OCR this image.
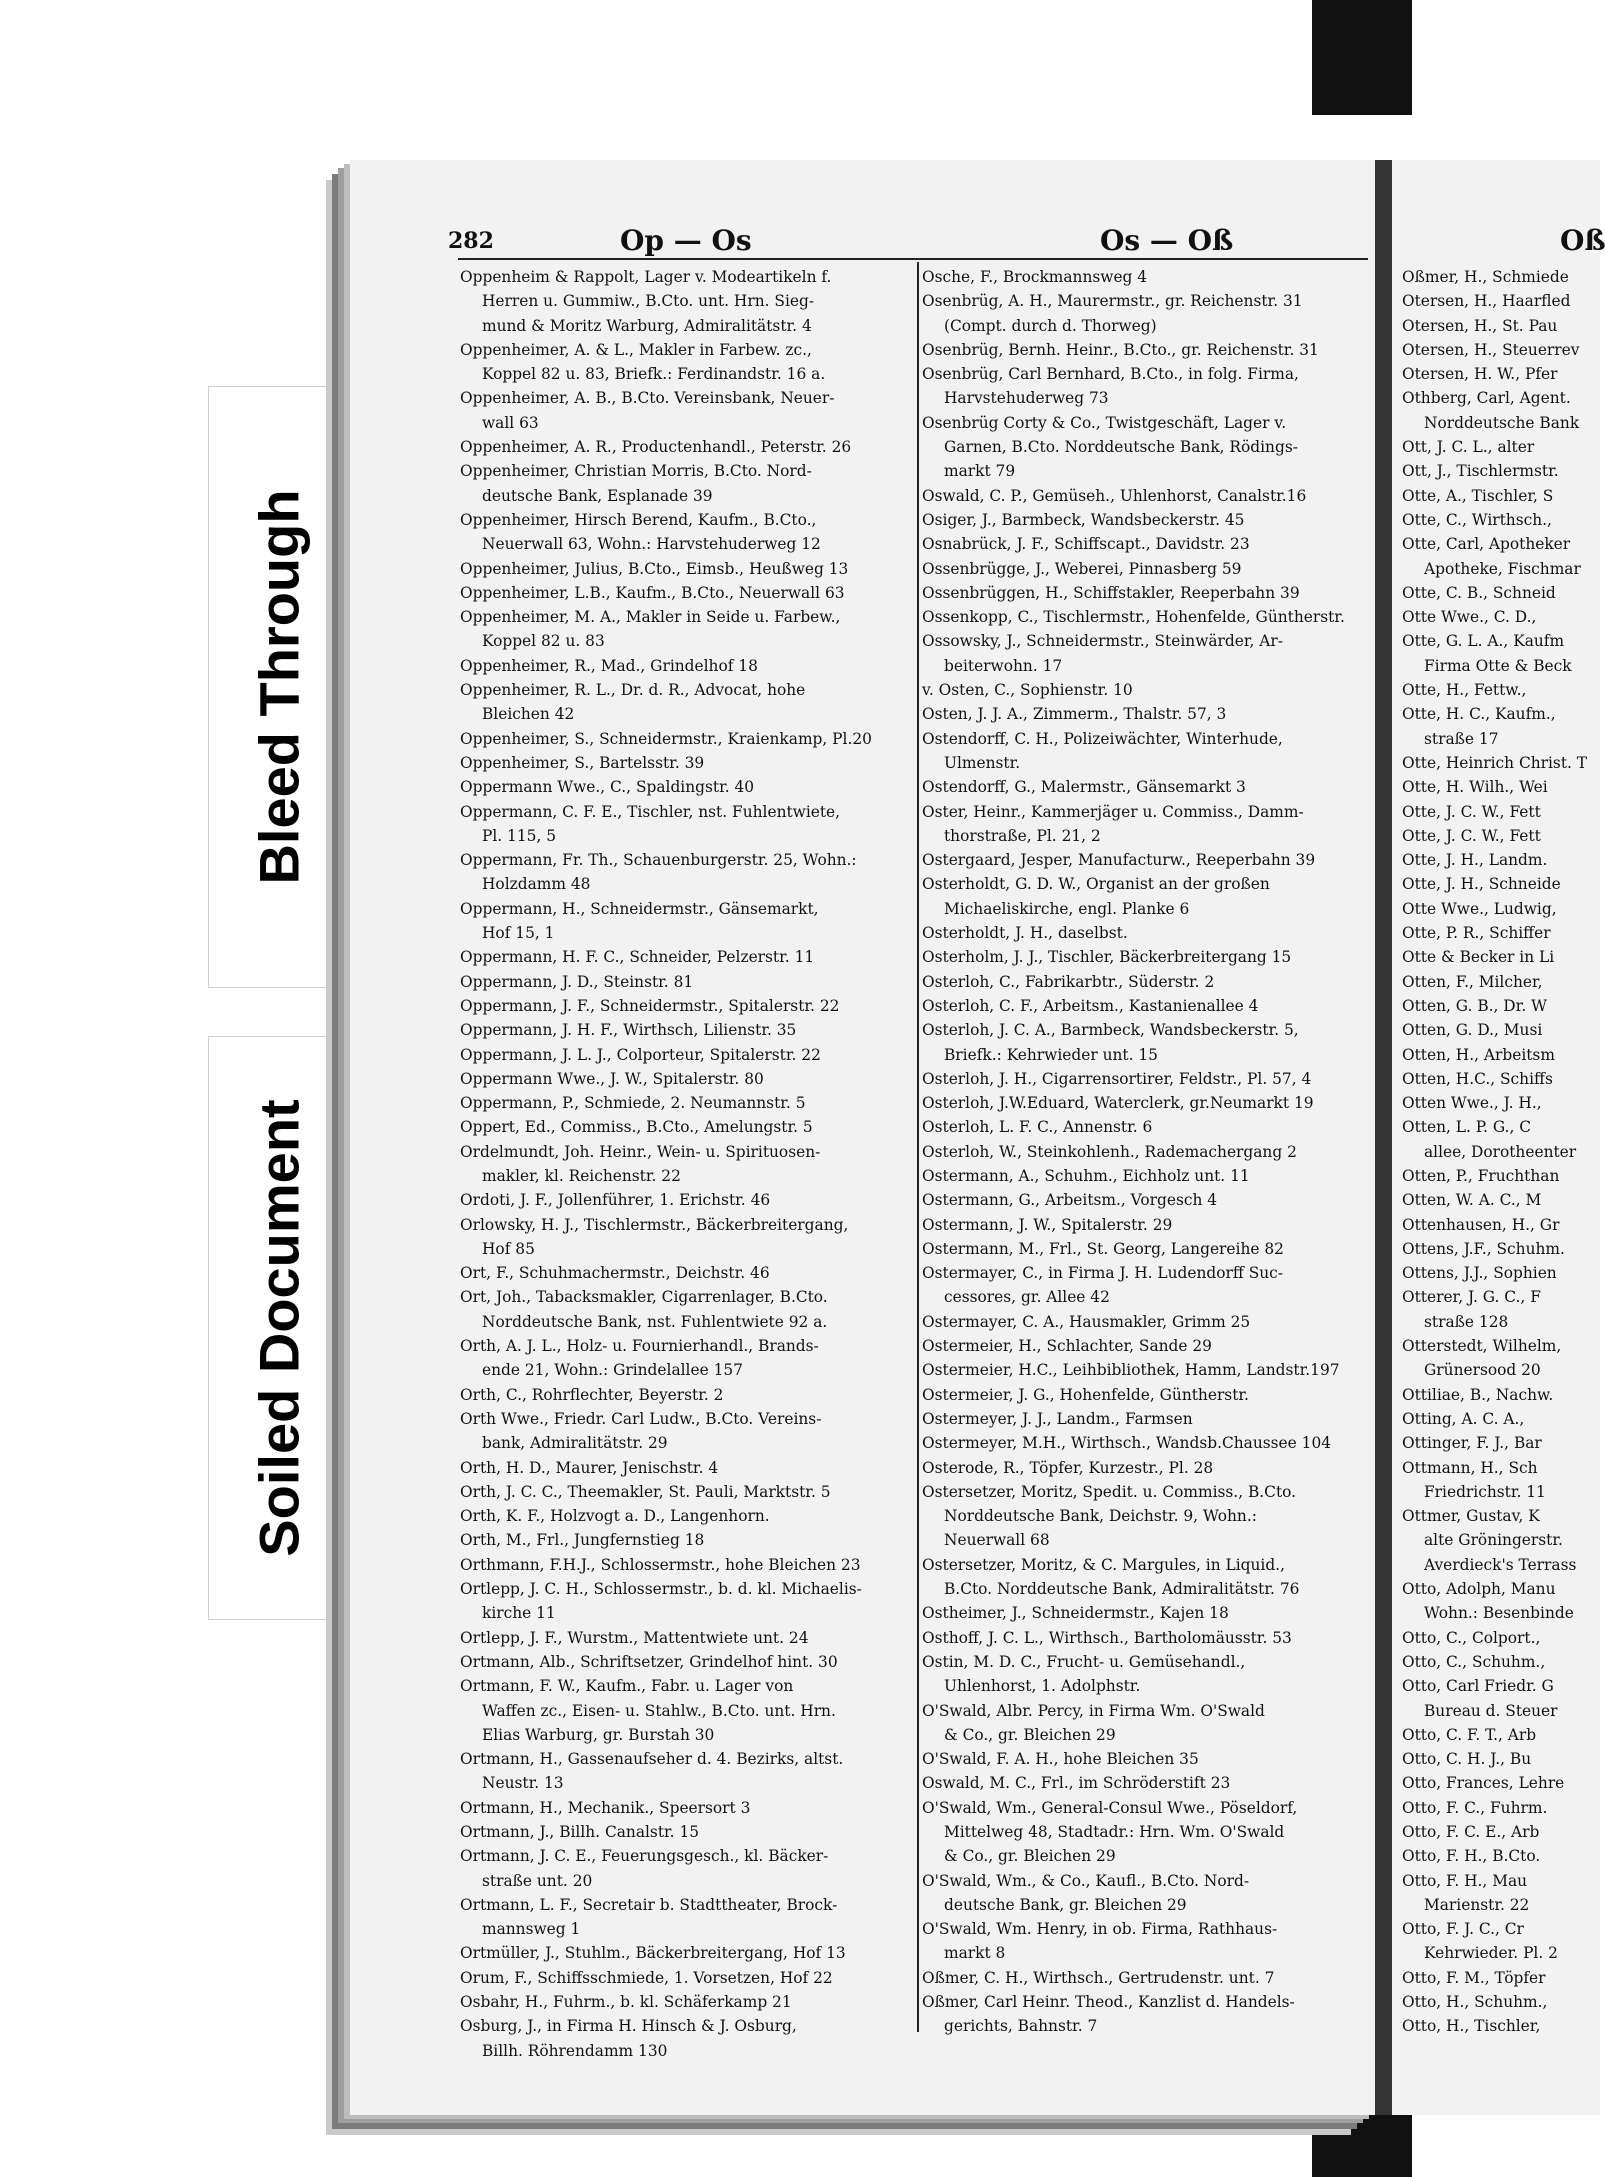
Bleed Through
Soiled Document
282	Op — Os	Os — Oß	Oß
Oppenheim & Rappolt, Lager v. Modeartikeln f.
Herren u. Gummiw., B.Cto. unt. Hrn. Sieg-
mund & Moritz Warburg, Admiralitätstr. 4
Oppenheimer, A. & L., Makler in Farbew. zc.,
Koppel 82 u. 83, Briefk.: Ferdinandstr. 16 a.
Oppenheimer, A. B., B.Cto. Vereinsbank, Neuer-
wall 63
Oppenheimer, A. R., Productenhandl., Peterstr. 26
Oppenheimer, Christian Morris, B.Cto. Nord-
deutsche Bank, Esplanade 39
Oppenheimer, Hirsch Berend, Kaufm., B.Cto.,
Neuerwall 63, Wohn.: Harvstehuderweg 12
Oppenheimer, Julius, B.Cto., Eimsb., Heußweg 13
Oppenheimer, L.B., Kaufm., B.Cto., Neuerwall 63
Oppenheimer, M. A., Makler in Seide u. Farbew.,
Koppel 82 u. 83
Oppenheimer, R., Mad., Grindelhof 18
Oppenheimer, R. L., Dr. d. R., Advocat, hohe
Bleichen 42
Oppenheimer, S., Schneidermstr., Kraienkamp, Pl.20
Oppenheimer, S., Bartelsstr. 39
Oppermann Wwe., C., Spaldingstr. 40
Oppermann, C. F. E., Tischler, nst. Fuhlentwiete,
Pl. 115, 5
Oppermann, Fr. Th., Schauenburgerstr. 25, Wohn.:
Holzdamm 48
Oppermann, H., Schneidermstr., Gänsemarkt,
Hof 15, 1
Oppermann, H. F. C., Schneider, Pelzerstr. 11
Oppermann, J. D., Steinstr. 81
Oppermann, J. F., Schneidermstr., Spitalerstr. 22
Oppermann, J. H. F., Wirthsch, Lilienstr. 35
Oppermann, J. L. J., Colporteur, Spitalerstr. 22
Oppermann Wwe., J. W., Spitalerstr. 80
Oppermann, P., Schmiede, 2. Neumannstr. 5
Oppert, Ed., Commiss., B.Cto., Amelungstr. 5
Ordelmundt, Joh. Heinr., Wein- u. Spirituosen-
makler, kl. Reichenstr. 22
Ordoti, J. F., Jollenführer, 1. Erichstr. 46
Orlowsky, H. J., Tischlermstr., Bäckerbreitergang,
Hof 85
Ort, F., Schuhmachermstr., Deichstr. 46
Ort, Joh., Tabacksmakler, Cigarrenlager, B.Cto.
Norddeutsche Bank, nst. Fuhlentwiete 92 a.
Orth, A. J. L., Holz- u. Fournierhandl., Brands-
ende 21, Wohn.: Grindelallee 157
Orth, C., Rohrflechter, Beyerstr. 2
Orth Wwe., Friedr. Carl Ludw., B.Cto. Vereins-
bank, Admiralitätstr. 29
Orth, H. D., Maurer, Jenischstr. 4
Orth, J. C. C., Theemakler, St. Pauli, Marktstr. 5
Orth, K. F., Holzvogt a. D., Langenhorn.
Orth, M., Frl., Jungfernstieg 18
Orthmann, F.H.J., Schlossermstr., hohe Bleichen 23
Ortlepp, J. C. H., Schlossermstr., b. d. kl. Michaelis-
kirche 11
Ortlepp, J. F., Wurstm., Mattentwiete unt. 24
Ortmann, Alb., Schriftsetzer, Grindelhof hint. 30
Ortmann, F. W., Kaufm., Fabr. u. Lager von
Waffen zc., Eisen- u. Stahlw., B.Cto. unt. Hrn.
Elias Warburg, gr. Burstah 30
Ortmann, H., Gassenaufseher d. 4. Bezirks, altst.
Neustr. 13
Ortmann, H., Mechanik., Speersort 3
Ortmann, J., Billh. Canalstr. 15
Ortmann, J. C. E., Feuerungsgesch., kl. Bäcker-
straße unt. 20
Ortmann, L. F., Secretair b. Stadttheater, Brock-
mannsweg 1
Ortmüller, J., Stuhlm., Bäckerbreitergang, Hof 13
Orum, F., Schiffsschmiede, 1. Vorsetzen, Hof 22
Osbahr, H., Fuhrm., b. kl. Schäferkamp 21
Osburg, J., in Firma H. Hinsch & J. Osburg,
Billh. Röhrendamm 130
Osche, F., Brockmannsweg 4
Osenbrüg, A. H., Maurermstr., gr. Reichenstr. 31
(Compt. durch d. Thorweg)
Osenbrüg, Bernh. Heinr., B.Cto., gr. Reichenstr. 31
Osenbrüg, Carl Bernhard, B.Cto., in folg. Firma,
Harvstehuderweg 73
Osenbrüg Corty & Co., Twistgeschäft, Lager v.
Garnen, B.Cto. Norddeutsche Bank, Rödings-
markt 79
Oswald, C. P., Gemüseh., Uhlenhorst, Canalstr.16
Osiger, J., Barmbeck, Wandsbeckerstr. 45
Osnabrück, J. F., Schiffscapt., Davidstr. 23
Ossenbrügge, J., Weberei, Pinnasberg 59
Ossenbrüggen, H., Schiffstakler, Reeperbahn 39
Ossenkopp, C., Tischlermstr., Hohenfelde, Güntherstr.
Ossowsky, J., Schneidermstr., Steinwärder, Ar-
beiterwohn. 17
v. Osten, C., Sophienstr. 10
Osten, J. J. A., Zimmerm., Thalstr. 57, 3
Ostendorff, C. H., Polizeiwächter, Winterhude,
Ulmenstr.
Ostendorff, G., Malermstr., Gänsemarkt 3
Oster, Heinr., Kammerjäger u. Commiss., Damm-
thorstraße, Pl. 21, 2
Ostergaard, Jesper, Manufacturw., Reeperbahn 39
Osterholdt, G. D. W., Organist an der großen
Michaeliskirche, engl. Planke 6
Osterholdt, J. H., daselbst.
Osterholm, J. J., Tischler, Bäckerbreitergang 15
Osterloh, C., Fabrikarbtr., Süderstr. 2
Osterloh, C. F., Arbeitsm., Kastanienallee 4
Osterloh, J. C. A., Barmbeck, Wandsbeckerstr. 5,
Briefk.: Kehrwieder unt. 15
Osterloh, J. H., Cigarrensortirer, Feldstr., Pl. 57, 4
Osterloh, J.W.Eduard, Waterclerk, gr.Neumarkt 19
Osterloh, L. F. C., Annenstr. 6
Osterloh, W., Steinkohlenh., Rademachergang 2
Ostermann, A., Schuhm., Eichholz unt. 11
Ostermann, G., Arbeitsm., Vorgesch 4
Ostermann, J. W., Spitalerstr. 29
Ostermann, M., Frl., St. Georg, Langereihe 82
Ostermayer, C., in Firma J. H. Ludendorff Suc-
cessores, gr. Allee 42
Ostermayer, C. A., Hausmakler, Grimm 25
Ostermeier, H., Schlachter, Sande 29
Ostermeier, H.C., Leihbibliothek, Hamm, Landstr.197
Ostermeier, J. G., Hohenfelde, Güntherstr.
Ostermeyer, J. J., Landm., Farmsen
Ostermeyer, M.H., Wirthsch., Wandsb.Chaussee 104
Osterode, R., Töpfer, Kurzestr., Pl. 28
Ostersetzer, Moritz, Spedit. u. Commiss., B.Cto.
Norddeutsche Bank, Deichstr. 9, Wohn.:
Neuerwall 68
Ostersetzer, Moritz, & C. Margules, in Liquid.,
B.Cto. Norddeutsche Bank, Admiralitätstr. 76
Ostheimer, J., Schneidermstr., Kajen 18
Osthoff, J. C. L., Wirthsch., Bartholomäusstr. 53
Ostin, M. D. C., Frucht- u. Gemüsehandl.,
Uhlenhorst, 1. Adolphstr.
O'Swald, Albr. Percy, in Firma Wm. O'Swald
& Co., gr. Bleichen 29
O'Swald, F. A. H., hohe Bleichen 35
Oswald, M. C., Frl., im Schröderstift 23
O'Swald, Wm., General-Consul Wwe., Pöseldorf,
Mittelweg 48, Stadtadr.: Hrn. Wm. O'Swald
& Co., gr. Bleichen 29
O'Swald, Wm., & Co., Kaufl., B.Cto. Nord-
deutsche Bank, gr. Bleichen 29
O'Swald, Wm. Henry, in ob. Firma, Rathhaus-
markt 8
Oßmer, C. H., Wirthsch., Gertrudenstr. unt. 7
Oßmer, Carl Heinr. Theod., Kanzlist d. Handels-
gerichts, Bahnstr. 7
Oßmer, H., Schmiede
Otersen, H., Haarfled
Otersen, H., St. Pau
Otersen, H., Steuerrev
Otersen, H. W., Pfer
Othberg, Carl, Agent.
Norddeutsche Bank
Ott, J. C. L., alter
Ott, J., Tischlermstr.
Otte, A., Tischler, S
Otte, C., Wirthsch.,
Otte, Carl, Apotheker
Apotheke, Fischmar
Otte, C. B., Schneid
Otte Wwe., C. D.,
Otte, G. L. A., Kaufm
Firma Otte & Beck
Otte, H., Fettw.,
Otte, H. C., Kaufm.,
straße 17
Otte, Heinrich Christ. T
Otte, H. Wilh., Wei
Otte, J. C. W., Fett
Otte, J. C. W., Fett
Otte, J. H., Landm.
Otte, J. H., Schneide
Otte Wwe., Ludwig,
Otte, P. R., Schiffer
Otte & Becker in Li
Otten, F., Milcher,
Otten, G. B., Dr. W
Otten, G. D., Musi
Otten, H., Arbeitsm
Otten, H.C., Schiffs
Otten Wwe., J. H.,
Otten, L. P. G., C
allee, Dorotheenter
Otten, P., Fruchthan
Otten, W. A. C., M
Ottenhausen, H., Gr
Ottens, J.F., Schuhm.
Ottens, J.J., Sophien
Otterer, J. G. C., F
straße 128
Otterstedt, Wilhelm,
Grünersood 20
Ottiliae, B., Nachw.
Otting, A. C. A.,
Ottinger, F. J., Bar
Ottmann, H., Sch
Friedrichstr. 11
Ottmer, Gustav, K
alte Gröningerstr.
Averdieck's Terrass
Otto, Adolph, Manu
Wohn.: Besenbinde
Otto, C., Colport.,
Otto, C., Schuhm.,
Otto, Carl Friedr. G
Bureau d. Steuer
Otto, C. F. T., Arb
Otto, C. H. J., Bu
Otto, Frances, Lehre
Otto, F. C., Fuhrm.
Otto, F. C. E., Arb
Otto, F. H., B.Cto.
Otto, F. H., Mau
Marienstr. 22
Otto, F. J. C., Cr
Kehrwieder. Pl. 2
Otto, F. M., Töpfer
Otto, H., Schuhm.,
Otto, H., Tischler,
